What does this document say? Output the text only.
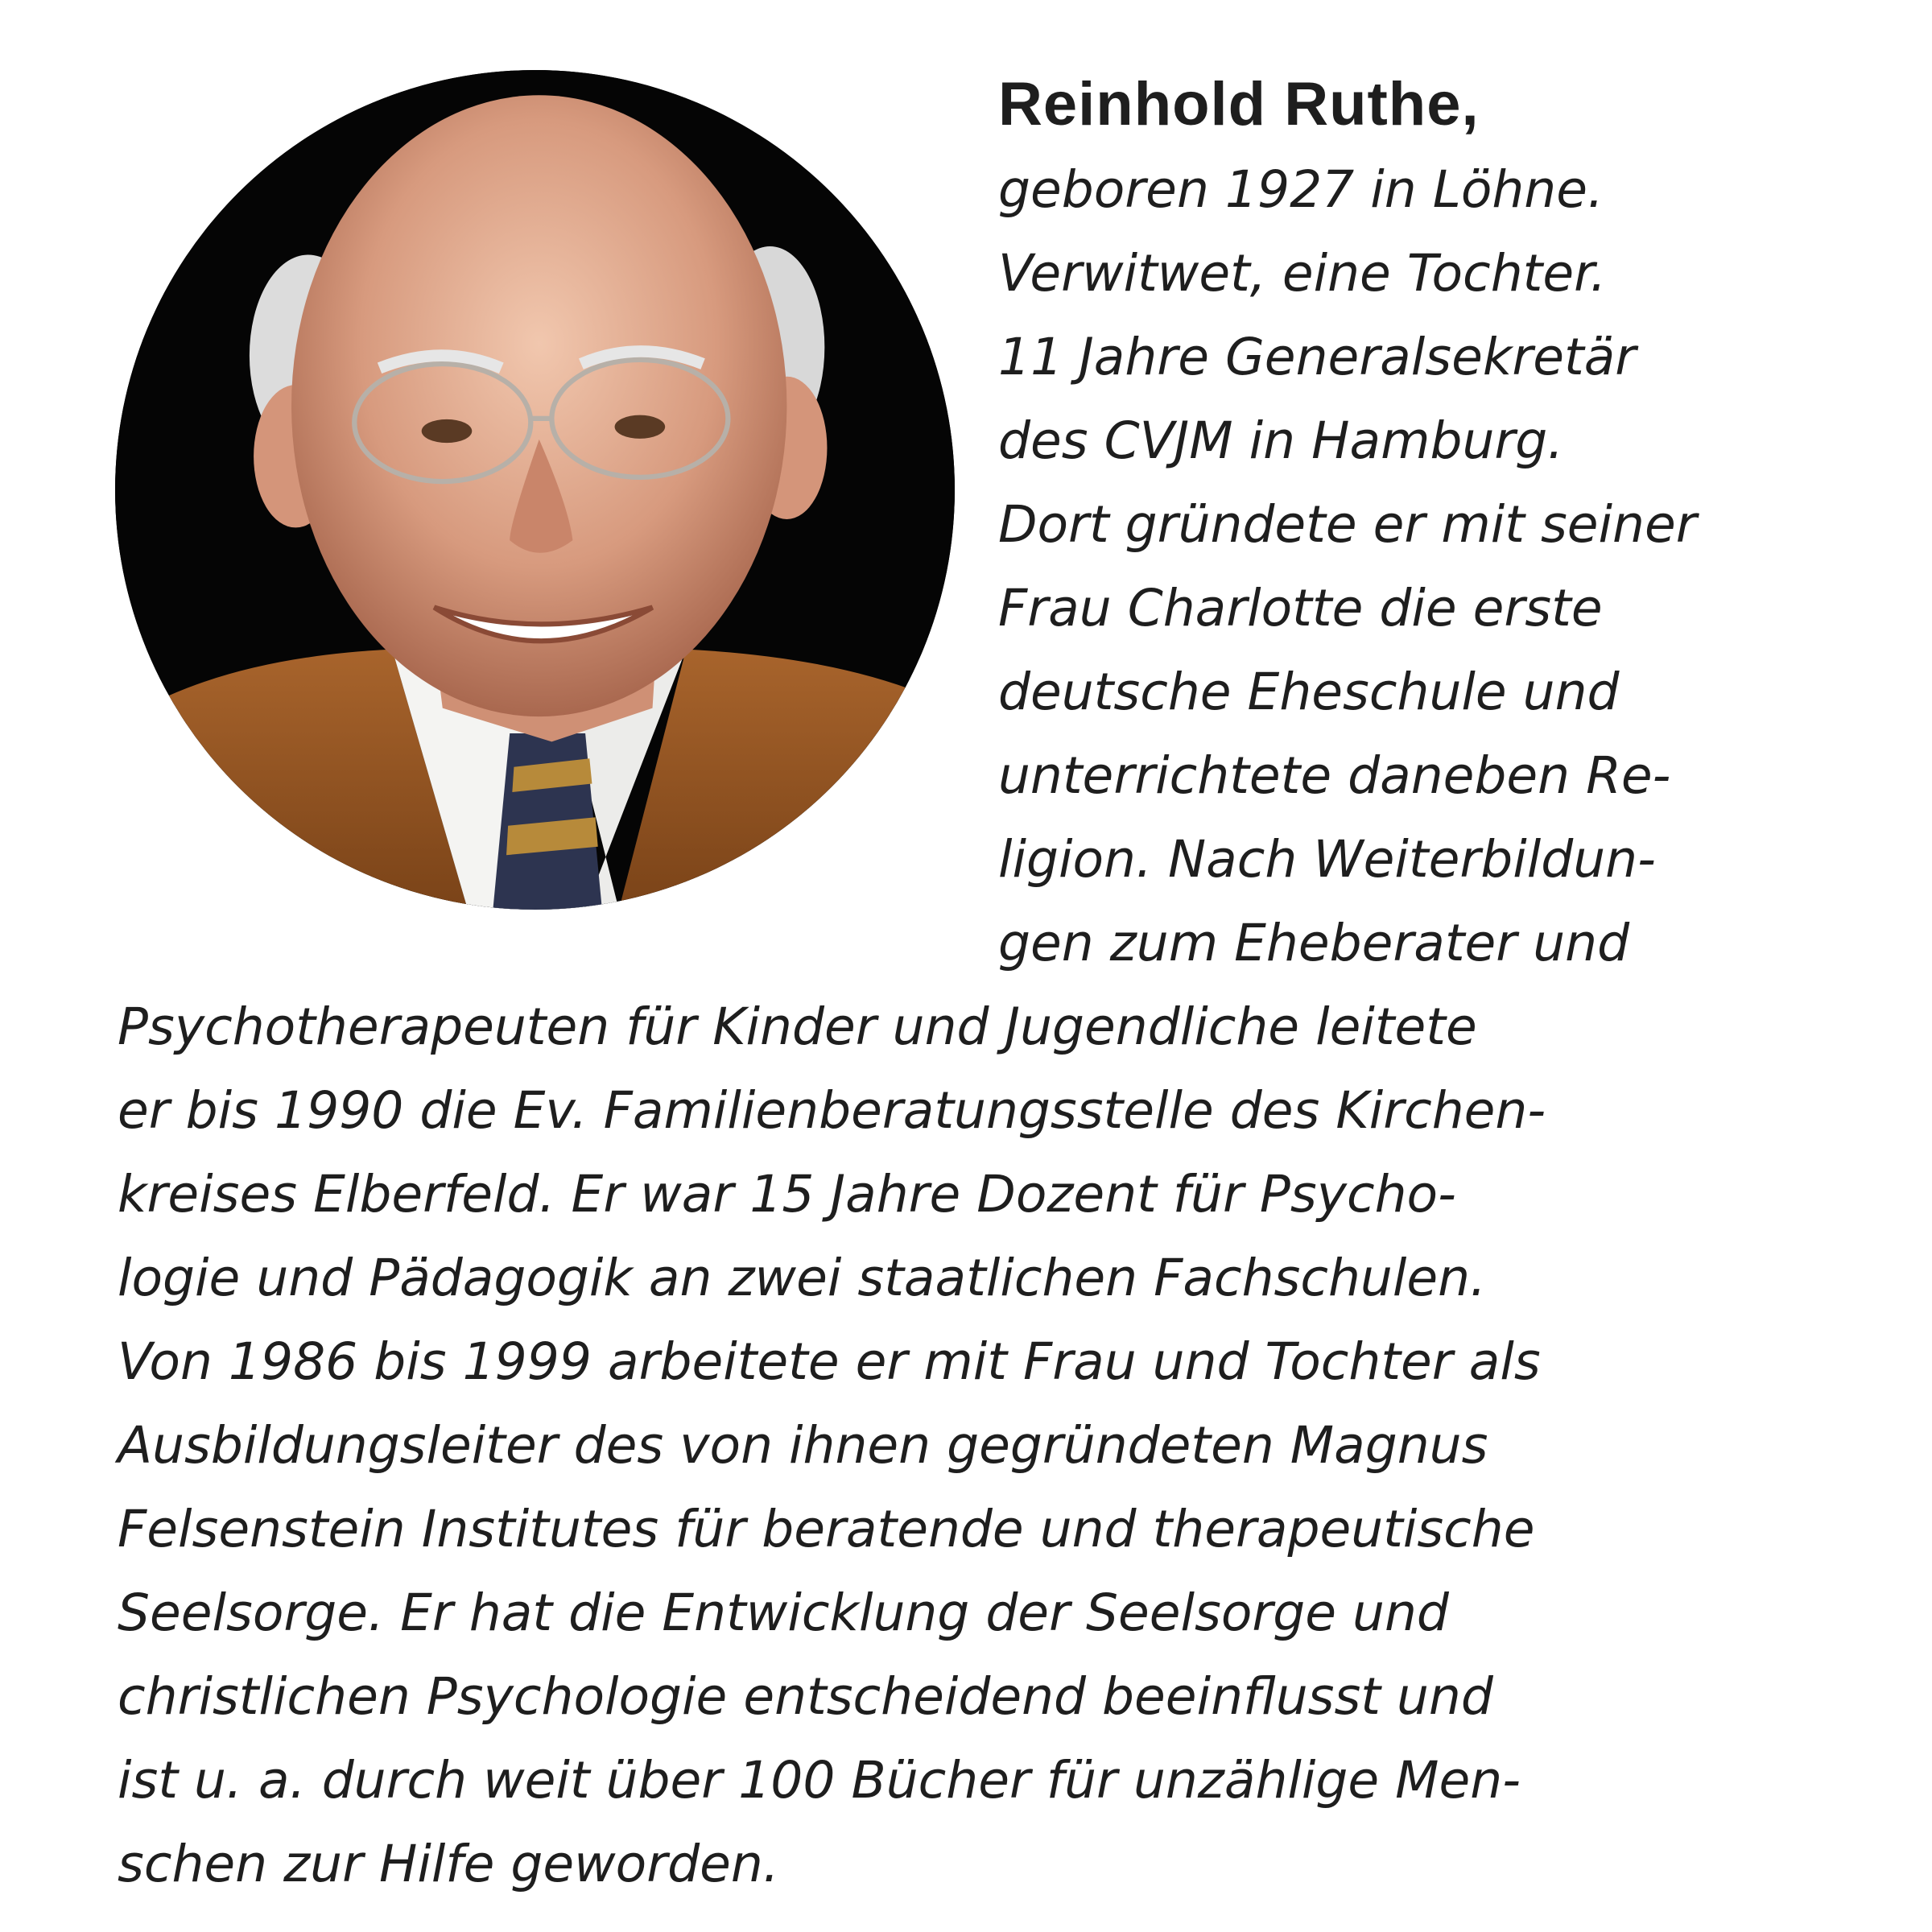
Reinhold Ruthe,
geboren 1927 in Löhne.
Verwitwet, eine Tochter.
11 Jahre Generalsekretär
des CVJM in Hamburg.
Dort gründete er mit seiner
Frau Charlotte die erste
deutsche Eheschule und
unterrichtete daneben Re-
ligion. Nach Weiterbildun-
gen zum Eheberater und
Psychotherapeuten für Kinder und Jugendliche leitete
er bis 1990 die Ev. Familienberatungsstelle des Kirchen-
kreises Elberfeld. Er war 15 Jahre Dozent für Psycho-
logie und Pädagogik an zwei staatlichen Fachschulen.
Von 1986 bis 1999 arbeitete er mit Frau und Tochter als
Ausbildungsleiter des von ihnen gegründeten Magnus
Felsenstein Institutes für beratende und therapeutische
Seelsorge. Er hat die Entwicklung der Seelsorge und
christlichen Psychologie entscheidend beeinflusst und
ist u. a. durch weit über 100 Bücher für unzählige Men-
schen zur Hilfe geworden.
